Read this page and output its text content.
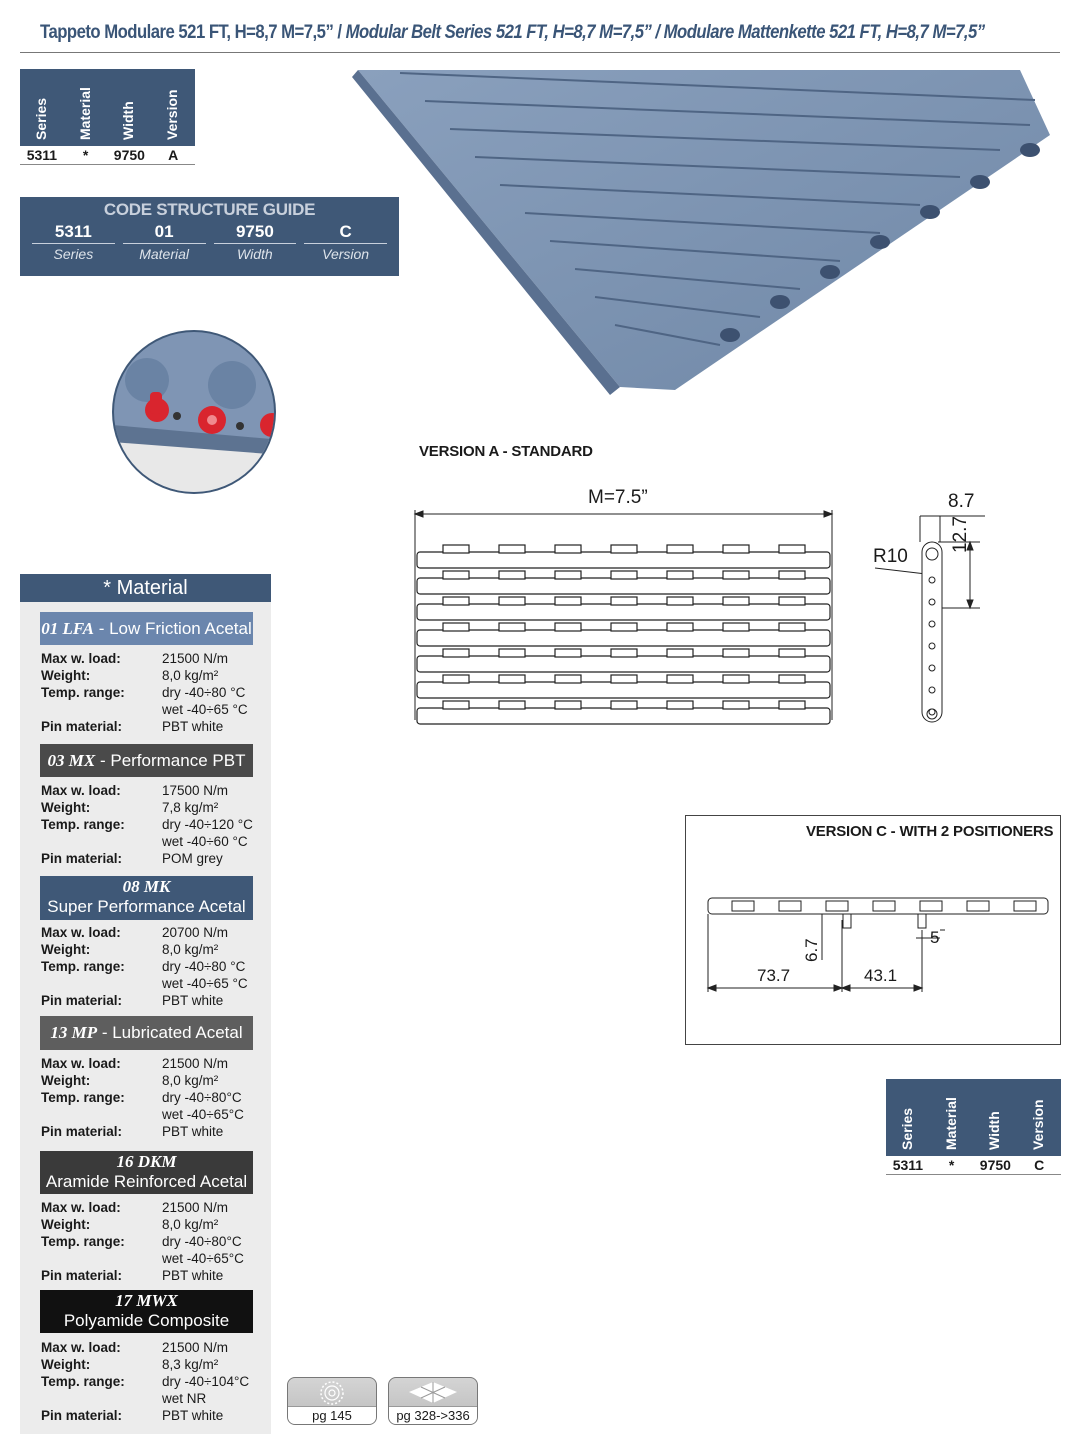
Tappeto Modulare 521 FT, H=8,7 M=7,5” / Modular Belt Series 521 FT, H=8,7 M=7,5” / Modulare Mattenkette 521 FT, H=8,7 M=7,5”
Series Material Width Version
5311	*	9750	A
CODE STRUCTURE GUIDE
5311	01	9750	C
Series	Material	Width	Version
* Material
01 LFA - Low Friction Acetal
Max w. load:	21500 N/m
Weight:	8,0 kg/m²
Temp. range:	dry -40÷80 °C
wet -40÷65 °C
Pin material:	PBT white
03 MX - Performance PBT
Max w. load:	17500 N/m
Weight:	7,8 kg/m²
Temp. range:	dry -40÷120 °C
wet -40÷60 °C
Pin material:	POM grey
08 MK
Super Performance Acetal
Max w. load:	20700 N/m
Weight:	8,0 kg/m²
Temp. range:	dry -40÷80 °C
wet -40÷65 °C
Pin material:	PBT white
13 MP - Lubricated Acetal
Max w. load:	21500 N/m
Weight:	8,0 kg/m²
Temp. range:	dry -40÷80°C
wet -40÷65°C
Pin material:	PBT white
16 DKM
Aramide Reinforced Acetal
Max w. load:	21500 N/m
Weight:	8,0 kg/m²
Temp. range:	dry -40÷80°C
wet -40÷65°C
Pin material:	PBT white
17 MWX
Polyamide Composite
Max w. load:	21500 N/m
Weight:	8,3 kg/m²
Temp. range:	dry -40÷104°C
wet NR
Pin material:	PBT white
VERSION A - STANDARD
M=7.5”	8.7
12.7
R10
VERSION C - WITH 2 POSITIONERS
6.7
5
73.7	43.1
Series Material Width Version
5311	*	9750	C
pg 145	pg 328->336
